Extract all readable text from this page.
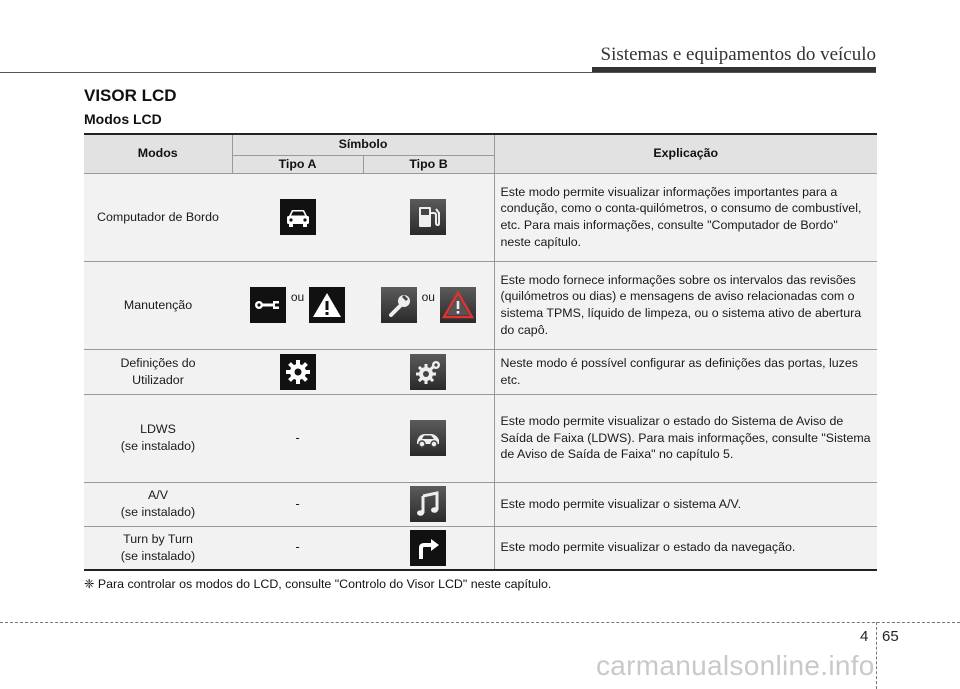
Sistemas e equipamentos do veículo
VISOR LCD
Modos LCD
Modos	Símbolo		Explicação
	Tipo A	Tipo B	
Computador de Bordo			Este modo permite visualizar informações importantes para a condução, como o conta-quilómetros, o consumo de combustível, etc. Para mais informações, consulte "Computador de Bordo" neste capítulo.
Manutenção	ou	ou	Este modo fornece informações sobre os intervalos das revisões (quilómetros ou dias) e mensagens de aviso relacionadas com o sistema TPMS, líquido de limpeza, ou o sistema ativo de abertura do capô.

Definições do
Utilizador			Neste modo é possível configurar as definições das portas, luzes etc.

LDWS
(se instalado)	-		Este modo permite visualizar o estado do Sistema de Aviso de Saída de Faixa (LDWS). Para mais informações, consulte "Sistema de Aviso de Saída de Faixa" no capítulo 5.

A/V
(se instalado)	-		Este modo permite visualizar o sistema A/V.

Turn by Turn
(se instalado)	-		Este modo permite visualizar o estado da navegação.
❈ Para controlar os modos do LCD, consulte "Controlo do Visor LCD" neste capítulo.
4 65
carmanualsonline.info
